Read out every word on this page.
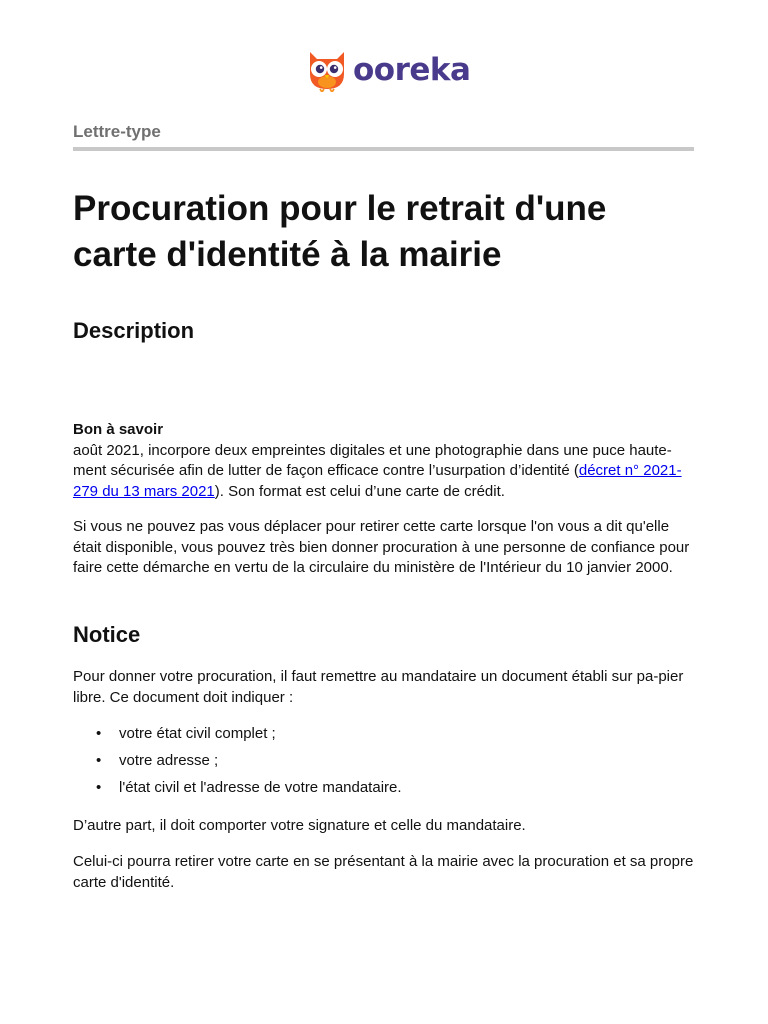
ooreka
Lettre-type
Procuration pour le retrait d'une carte d'identité à la mairie
Description

Bon à savoir
août 2021, incorpore deux empreintes digitales et une photographie dans une puce haute-ment sécurisée afin de lutter de façon efficace contre l’usurpation d’identité (décret n° 2021-279 du 13 mars 2021). Son format est celui d’une carte de crédit.

Si vous ne pouvez pas vous déplacer pour retirer cette carte lorsque l'on vous a dit qu'elle était disponible, vous pouvez très bien donner procuration à une personne de confiance pour faire cette démarche en vertu de la circulaire du ministère de l'Intérieur du 10 janvier 2000.

Notice

Pour donner votre procuration, il faut remettre au mandataire un document établi sur pa-pier libre. Ce document doit indiquer :

• votre état civil complet ;
• votre adresse ;
• l'état civil et l'adresse de votre mandataire.

D’autre part, il doit comporter votre signature et celle du mandataire.

Celui-ci pourra retirer votre carte en se présentant à la mairie avec la procuration et sa propre carte d'identité.
